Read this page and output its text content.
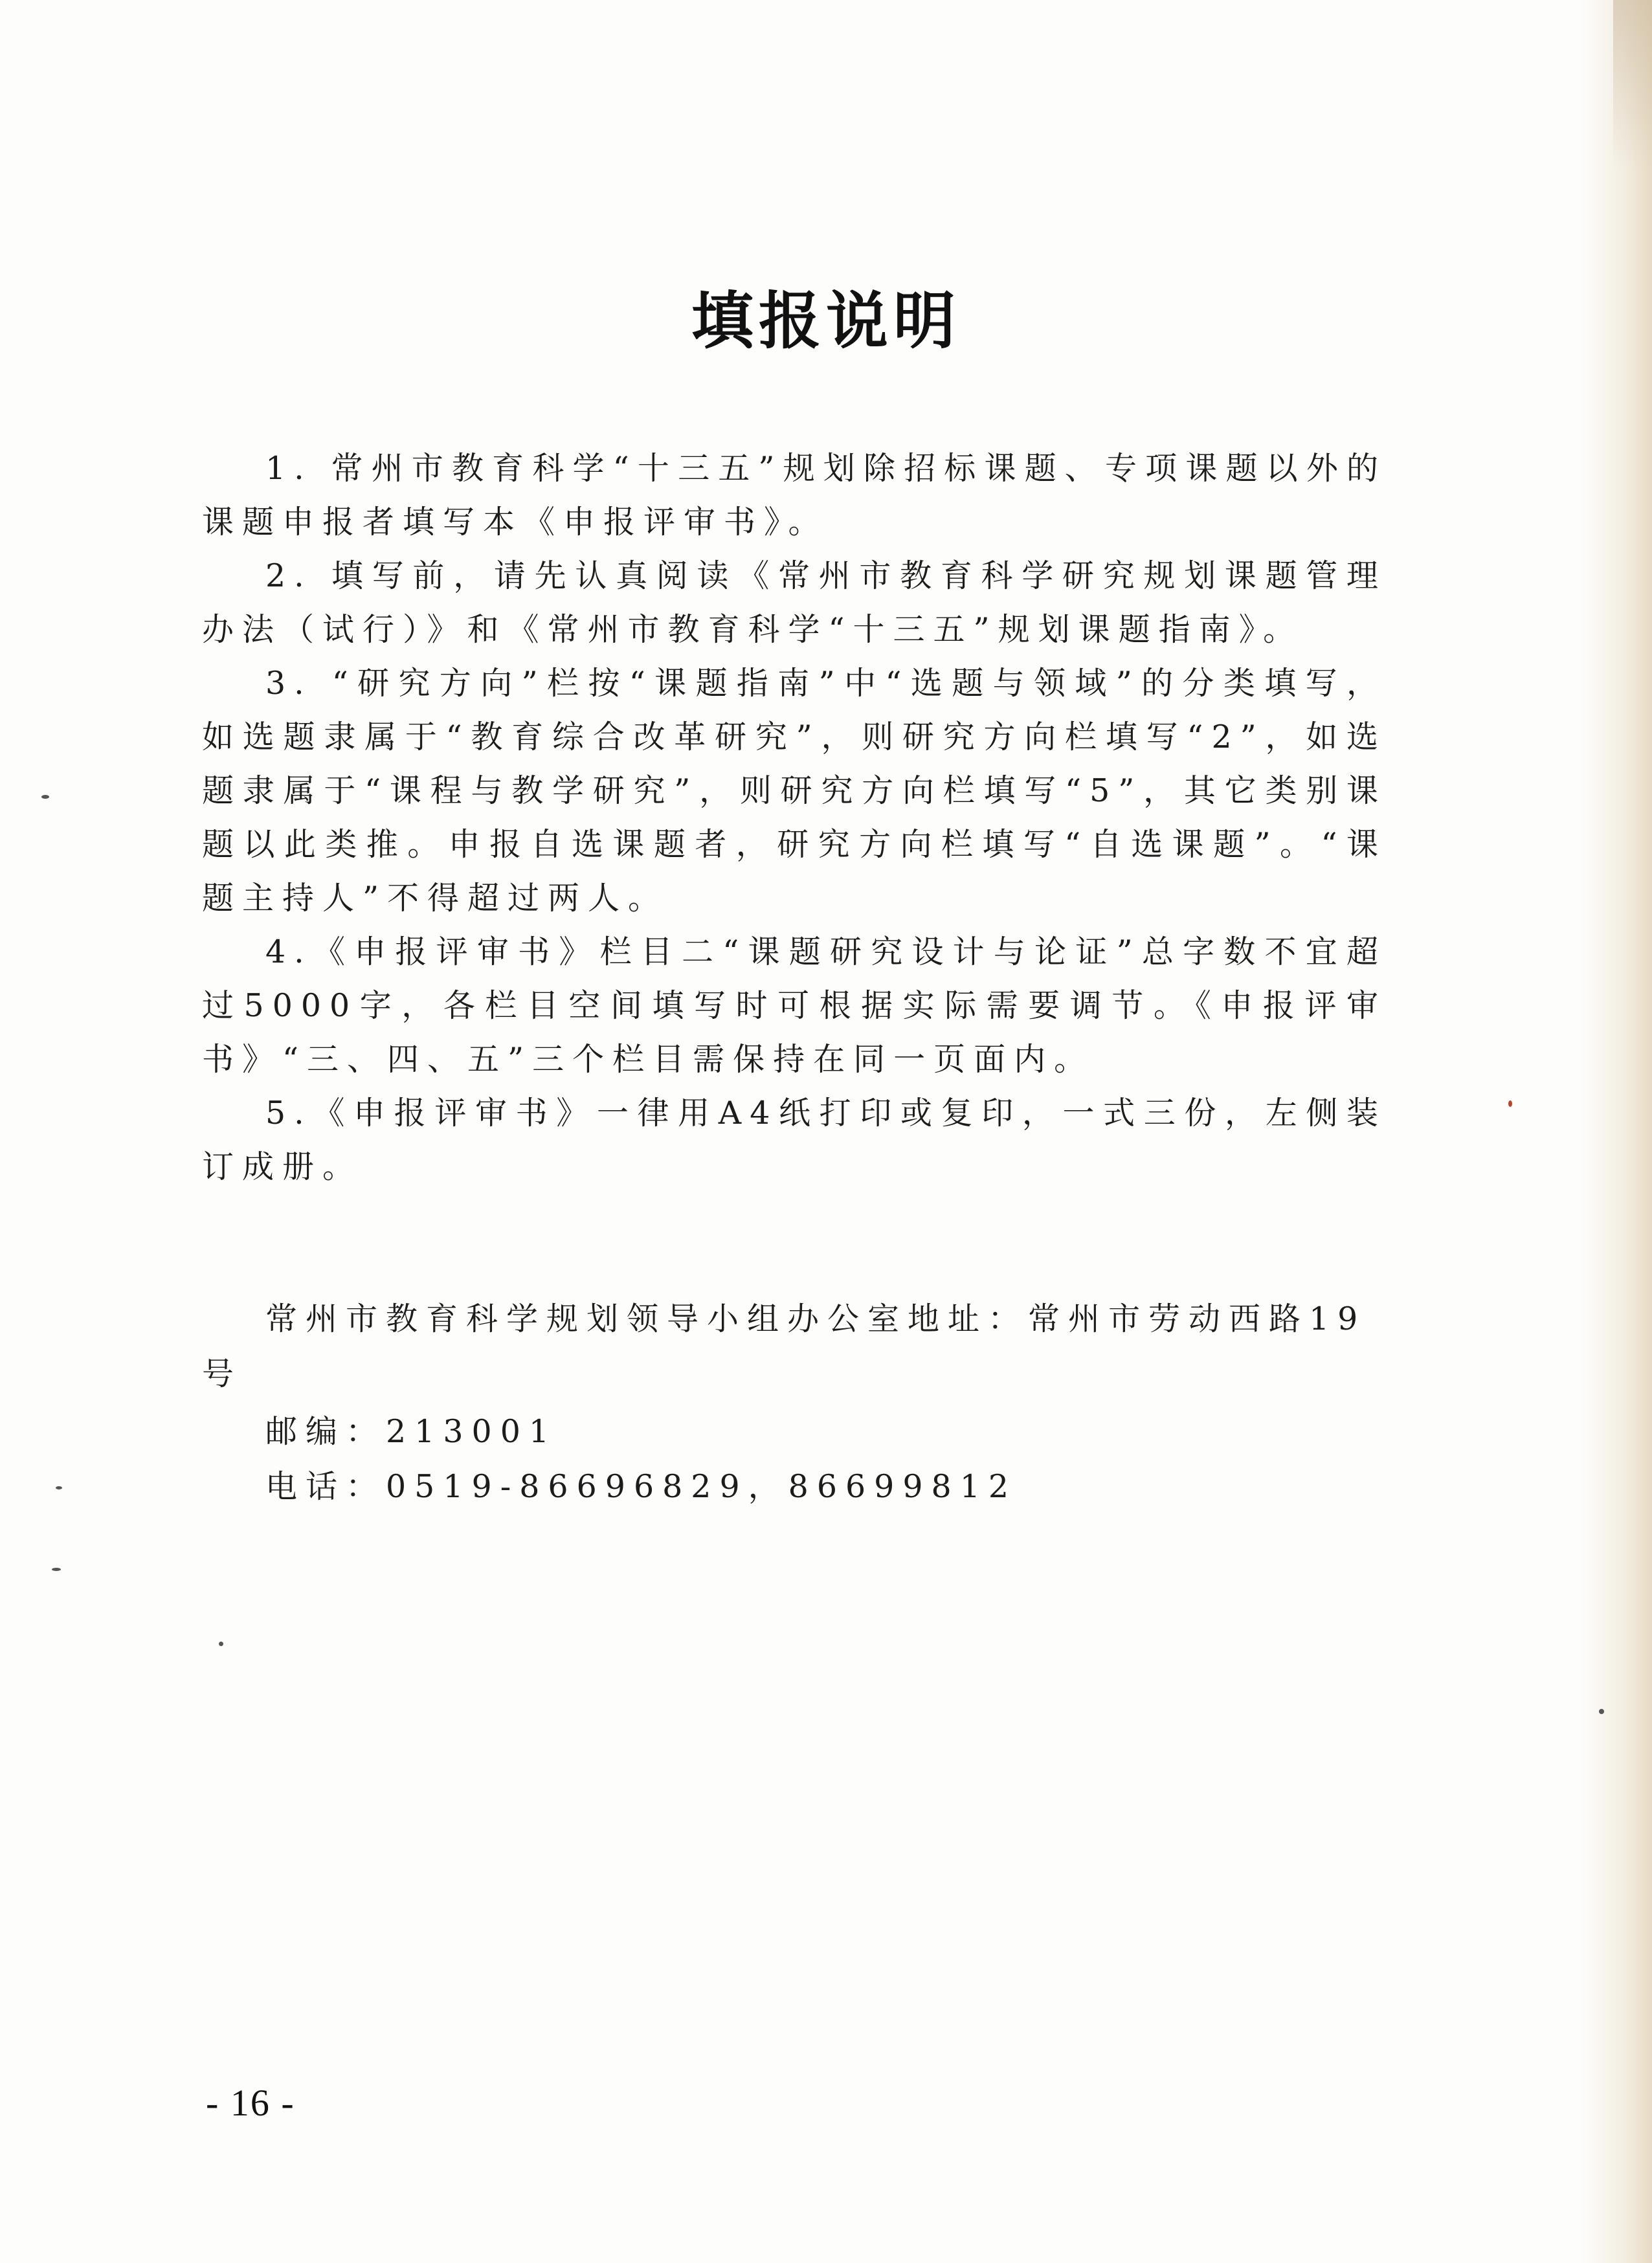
填报说明

1. 常州市教育科学“十三五”规划除招标课题、专项课题以外的课题申报者填写本《申报评审书》。

2. 填写前，请先认真阅读《常州市教育科学研究规划课题管理办法（试行）》和《常州市教育科学“十三五”规划课题指南》。

3. “研究方向”栏按“课题指南”中“选题与领域”的分类填写，如选题隶属于“教育综合改革研究”，则研究方向栏填写“2”，如选题隶属于“课程与教学研究”，则研究方向栏填写“5”，其它类别课题以此类推。申报自选课题者，研究方向栏填写“自选课题”。“课题主持人”不得超过两人。

4.《申报评审书》栏目二“课题研究设计与论证”总字数不宜超过5000字，各栏目空间填写时可根据实际需要调节。《申报评审书》“三、四、五”三个栏目需保持在同一页面内。

5.《申报评审书》一律用A4纸打印或复印，一式三份，左侧装订成册。

常州市教育科学规划领导小组办公室地址：常州市劳动西路19号

邮编：213001

电话：0519-86696829，86699812

- 16 -
